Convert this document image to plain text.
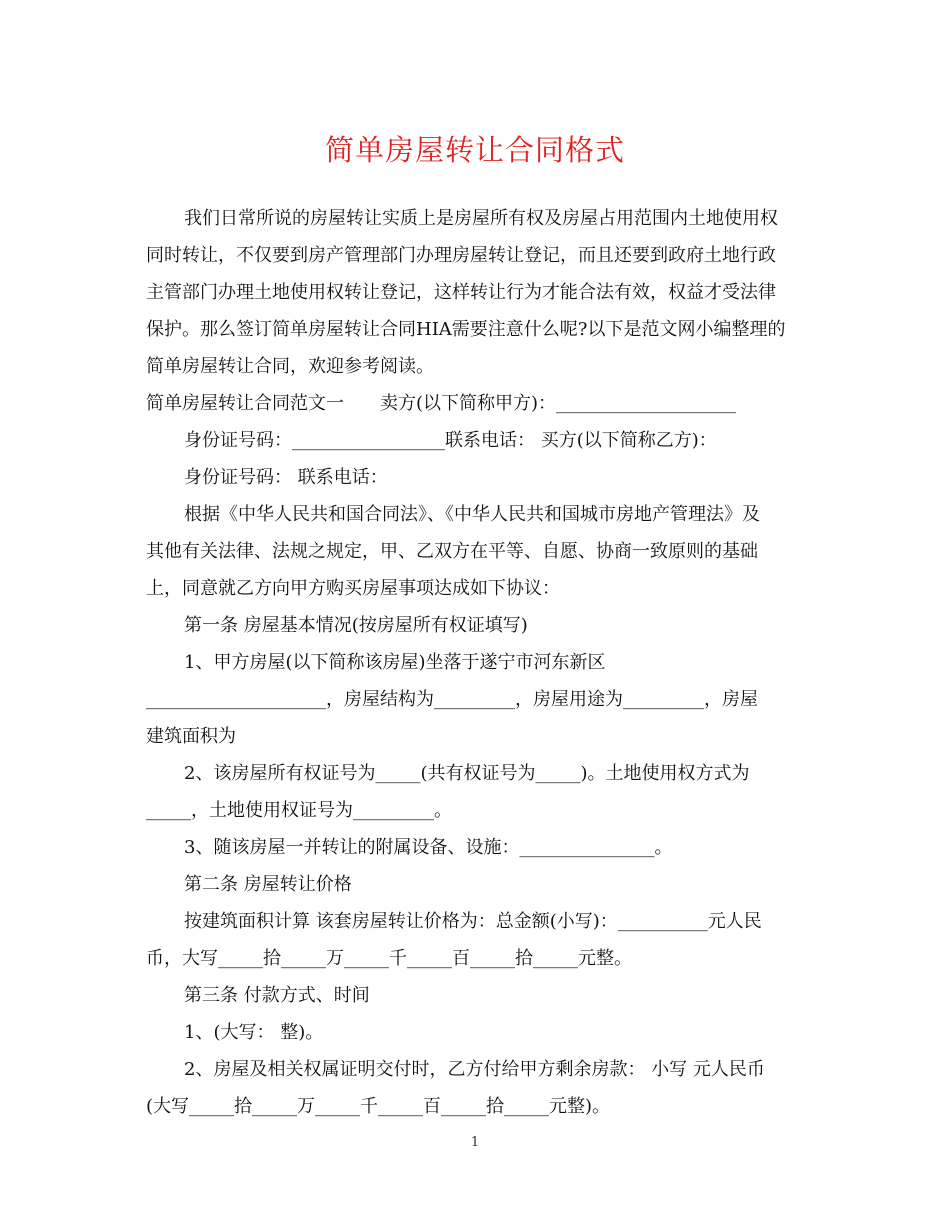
简单房屋转让合同格式
我们日常所说的房屋转让实质上是房屋所有权及房屋占用范围内土地使用权
同时转让，不仅要到房产管理部门办理房屋转让登记，而且还要到政府土地行政
主管部门办理土地使用权转让登记，这样转让行为才能合法有效，权益才受法律
保护。那么签订简单房屋转让合同HIA需要注意什么呢?以下是范文网小编整理的
简单房屋转让合同，欢迎参考阅读。
简单房屋转让合同范文一　　卖方(以下简称甲方)：____________________
身份证号码：_________________联系电话： 买方(以下简称乙方)：
身份证号码： 联系电话：
根据《中华人民共和国合同法》、《中华人民共和国城市房地产管理法》及
其他有关法律、法规之规定，甲、乙双方在平等、自愿、协商一致原则的基础
上，同意就乙方向甲方购买房屋事项达成如下协议：
第一条 房屋基本情况(按房屋所有权证填写)
1、甲方房屋(以下简称该房屋)坐落于遂宁市河东新区
____________________，房屋结构为_________，房屋用途为_________，房屋
建筑面积为
2、该房屋所有权证号为_____(共有权证号为_____)。土地使用权方式为
_____，土地使用权证号为_________。
3、随该房屋一并转让的附属设备、设施：_______________。
第二条 房屋转让价格
按建筑面积计算 该套房屋转让价格为：总金额(小写)：__________元人民
币，大写_____拾_____万_____千_____百_____拾_____元整。
第三条 付款方式、时间
1、(大写： 整)。
2、房屋及相关权属证明交付时，乙方付给甲方剩余房款： 小写 元人民币
(大写_____拾_____万_____千_____百_____拾_____元整)。
1
